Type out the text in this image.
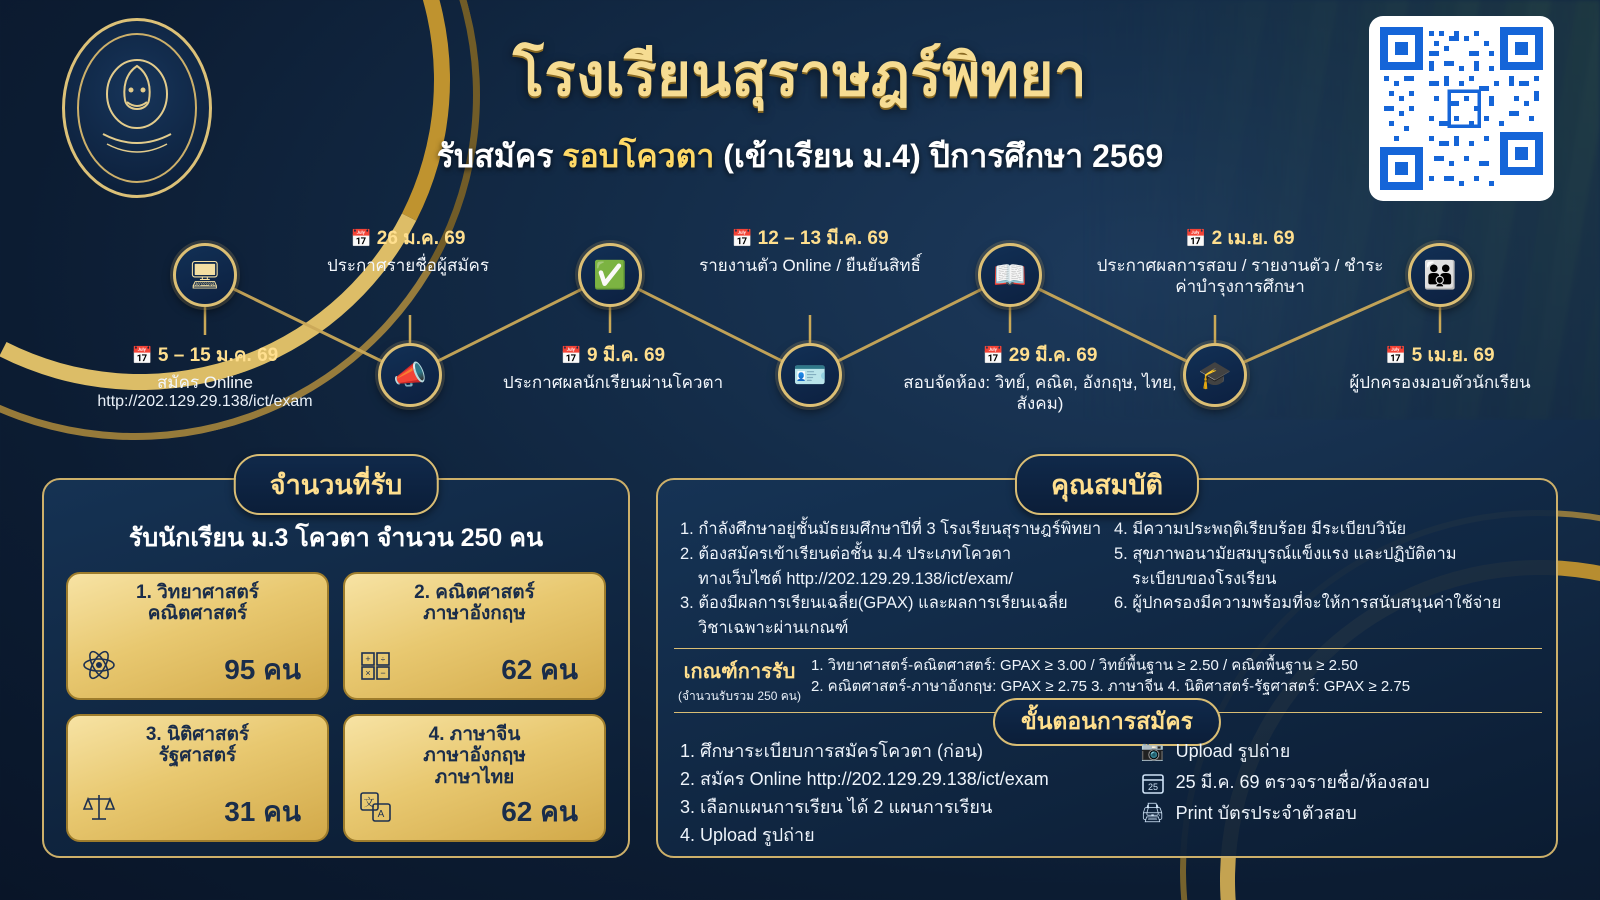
โรงเรียนสุราษฎร์พิทยา
รับสมัคร รอบโควตา (เข้าเรียน ม.4) ปีการศึกษา 2569
🖥
📅 5 – 15 ม.ค. 69
สมัคร Online
http://202.129.29.138/ict/exam
📣
📅 26 ม.ค. 69
ประกาศรายชื่อผู้สมัคร	✅
📅 9 มี.ค. 69
ประกาศผลนักเรียนผ่านโควตา	🪪
📅 12 – 13 มี.ค. 69
รายงานตัว Online / ยืนยันสิทธิ์	📖
📅 29 มี.ค. 69
สอบจัดห้อง: วิทย์, คณิต, อังกฤษ, ไทย, สังคม)
🎓
📅 2 เม.ย. 69
ประกาศผลการสอบ / รายงานตัว / ชำระค่าบำรุงการศึกษา	👪
📅 5 เม.ย. 69
ผู้ปกครองมอบตัวนักเรียน
จำนวนที่รับ
รับนักเรียน ม.3 โควตา จำนวน 250 คน
1. วิทยาศาสตร์
คณิตศาสตร์
95 คน
2. คณิตศาสตร์
ภาษาอังกฤษ
+ ÷
× −	62 คน
3. นิติศาสตร์
รัฐศาสตร์
31 คน
4. ภาษาจีน
ภาษาอังกฤษ
ภาษาไทย
文
A	62 คน
คุณสมบัติ
1. กำลังศึกษาอยู่ชั้นมัธยมศึกษาปีที่ 3 โรงเรียนสุราษฎร์พิทยา
2. ต้องสมัครเข้าเรียนต่อชั้น ม.4 ประเภทโควตา
ทางเว็บไซต์ http://202.129.29.138/ict/exam/
3. ต้องมีผลการเรียนเฉลี่ย(GPAX) และผลการเรียนเฉลี่ย
วิชาเฉพาะผ่านเกณฑ์
4. มีความประพฤติเรียบร้อย มีระเบียบวินัย
5. สุขภาพอนามัยสมบูรณ์แข็งแรง และปฏิบัติตาม
ระเบียบของโรงเรียน
6. ผู้ปกครองมีความพร้อมที่จะให้การสนับสนุนค่าใช้จ่าย
เกณฑ์การรับ
(จำนวนรับรวม 250 คน)
1. วิทยาศาสตร์-คณิตศาสตร์: GPAX ≥ 3.00 / วิทย์พื้นฐาน ≥ 2.50 / คณิตพื้นฐาน ≥ 2.50
2. คณิตศาสตร์-ภาษาอังกฤษ: GPAX ≥ 2.75 3. ภาษาจีน 4. นิติศาสตร์-รัฐศาสตร์: GPAX ≥ 2.75
ขั้นตอนการสมัคร
1. ศึกษาระเบียบการสมัครโควตา (ก่อน)
2. สมัคร Online http://202.129.29.138/ict/exam
3. เลือกแผนการเรียน ได้ 2 แผนการเรียน
4. Upload รูปถ่าย
📷 Upload รูปถ่าย
25 25 มี.ค. 69 ตรวจรายชื่อ/ห้องสอบ
🖨 Print บัตรประจำตัวสอบ
